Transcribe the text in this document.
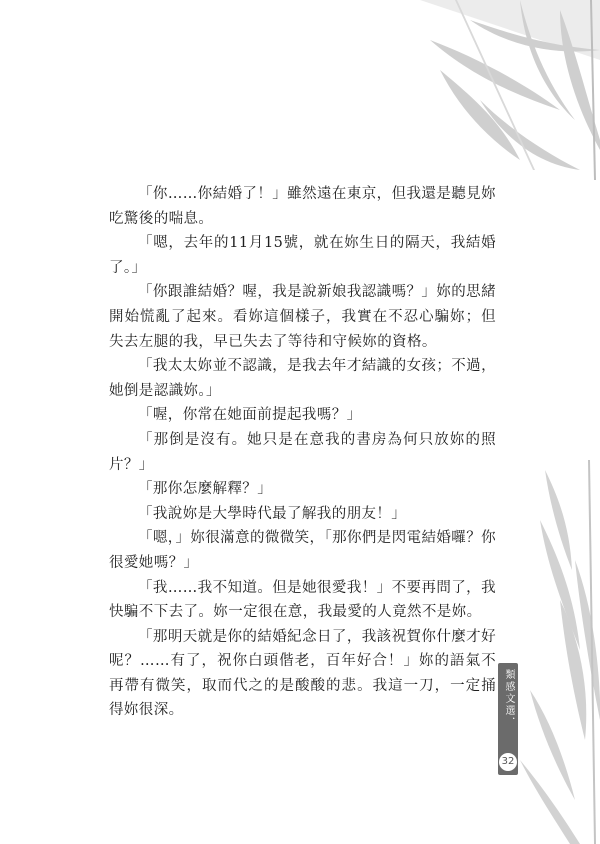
「你……你結婚了！」雖然遠在東京，但我還是聽見妳吃驚後的喘息。

「嗯，去年的11月15號，就在妳生日的隔天，我結婚了。」

「你跟誰結婚？喔，我是說新娘我認識嗎？」妳的思緒開始慌亂了起來。看妳這個樣子，我實在不忍心騙妳；但失去左腿的我，早已失去了等待和守候妳的資格。

「我太太妳並不認識，是我去年才結識的女孩；不過，她倒是認識妳。」

「喔，你常在她面前提起我嗎？」

「那倒是沒有。她只是在意我的書房為何只放妳的照片？」

「那你怎麼解釋？」

「我說妳是大學時代最了解我的朋友！」

「嗯，」妳很滿意的微微笑，「那你們是閃電結婚囉？你很愛她嗎？」

「我……我不知道。但是她很愛我！」不要再問了，我快騙不下去了。妳一定很在意，我最愛的人竟然不是妳。

「那明天就是你的結婚紀念日了，我該祝賀你什麼才好呢？……有了，祝你白頭偕老，百年好合！」妳的語氣不再帶有微笑，取而代之的是酸酸的悲。我這一刀，一定捅得妳很深。	類感文選．
32
